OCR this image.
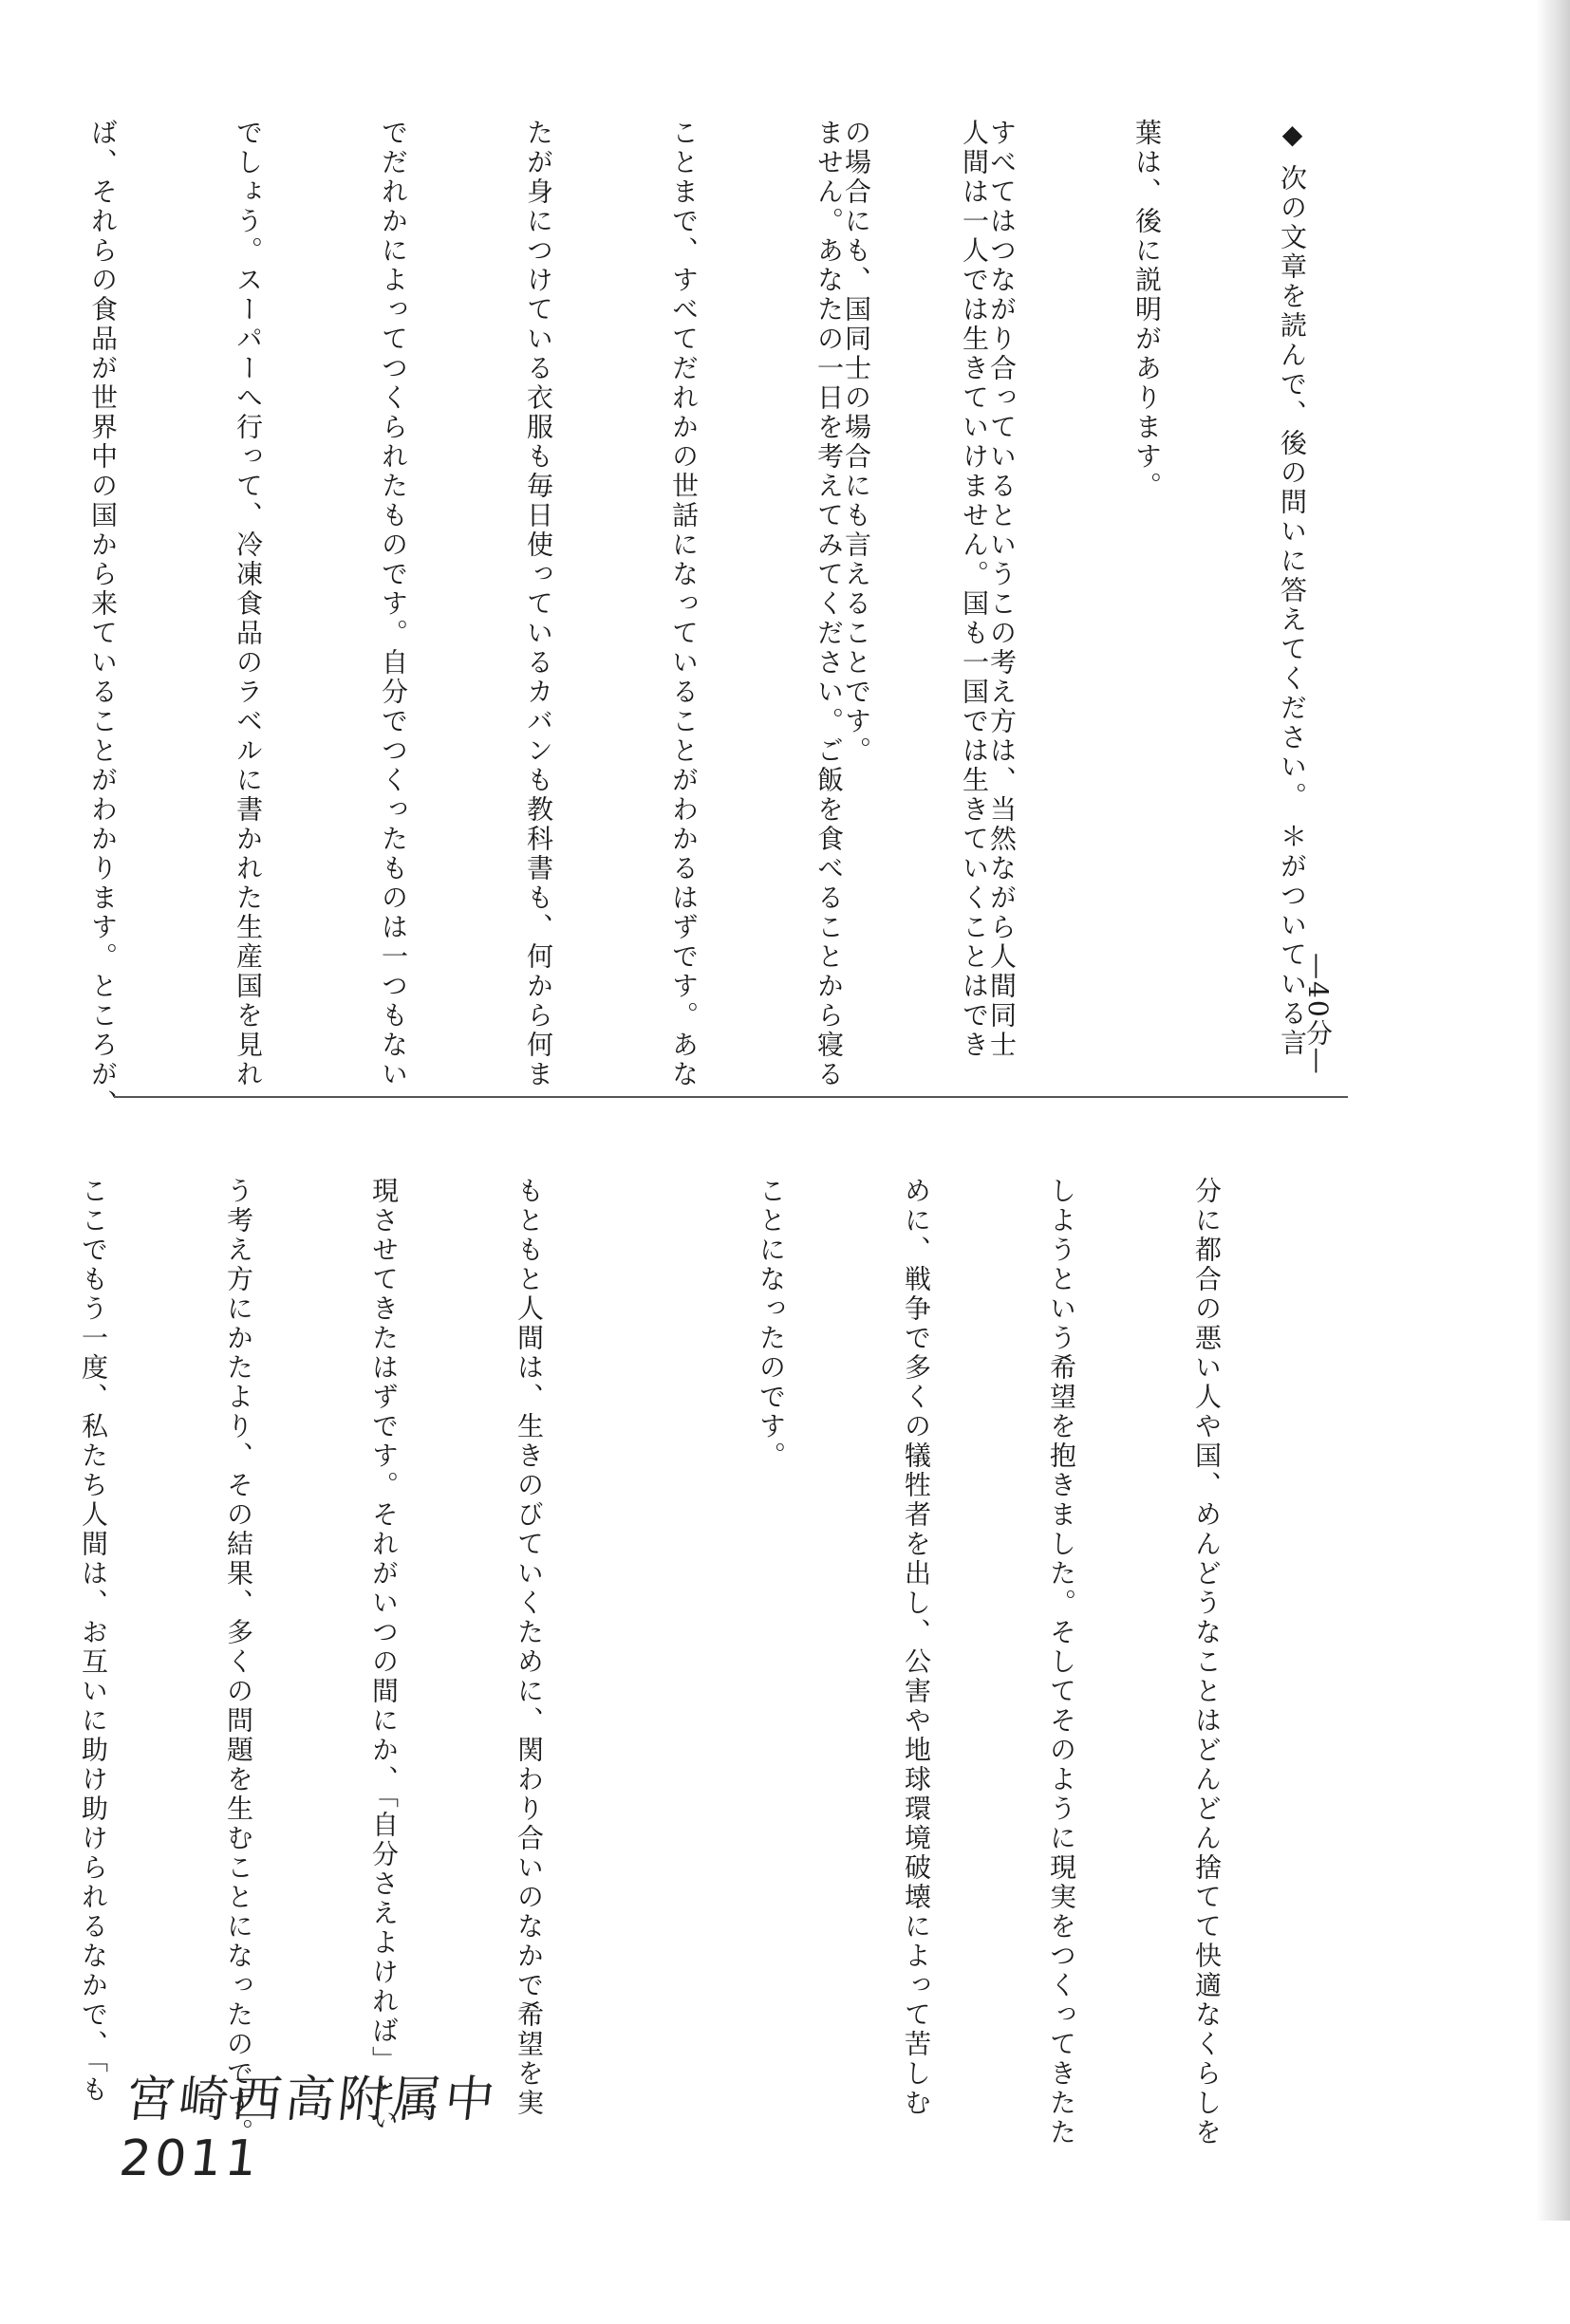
◆ 次の文章を読んで、後の問いに答えてください。 ＊がついている言

葉は、後に説明があります。

すべてはつながり合っているというこの考え方は、当然ながら人間同士

の場合にも、国同士の場合にも言えることです。

—40分—

人間は一人では生きていけません。国も一国では生きていくことはでき

ません。あなたの一日を考えてみてください。ご飯を食べることから寝る

ことまで、すべてだれかの世話になっていることがわかるはずです。あな

たが身につけている衣服も毎日使っているカバンも教科書も、何から何ま

でだれかによってつくられたものです。自分でつくったものは一つもない

でしょう。スーパーへ行って、冷凍食品のラベルに書かれた生産国を見れ

ば、それらの食品が世界中の国から来ていることがわかります。ところが、

分に都合の悪い人や国、めんどうなことはどんどん捨てて快適なくらしを

しようという希望を抱きました。そしてそのように現実をつくってきたた

めに、戦争で多くの犠牲者を出し、公害や地球環境破壊によって苦しむ

ことになったのです。

もともと人間は、生きのびていくために、関わり合いのなかで希望を実

現させてきたはずです。それがいつの間にか、「自分さえよければ」とい

う考え方にかたより、その結果、多くの問題を生むことになったのです。

ここでもう一度、私たち人間は、お互いに助け助けられるなかで、「も

宮崎西高附属中 2011
